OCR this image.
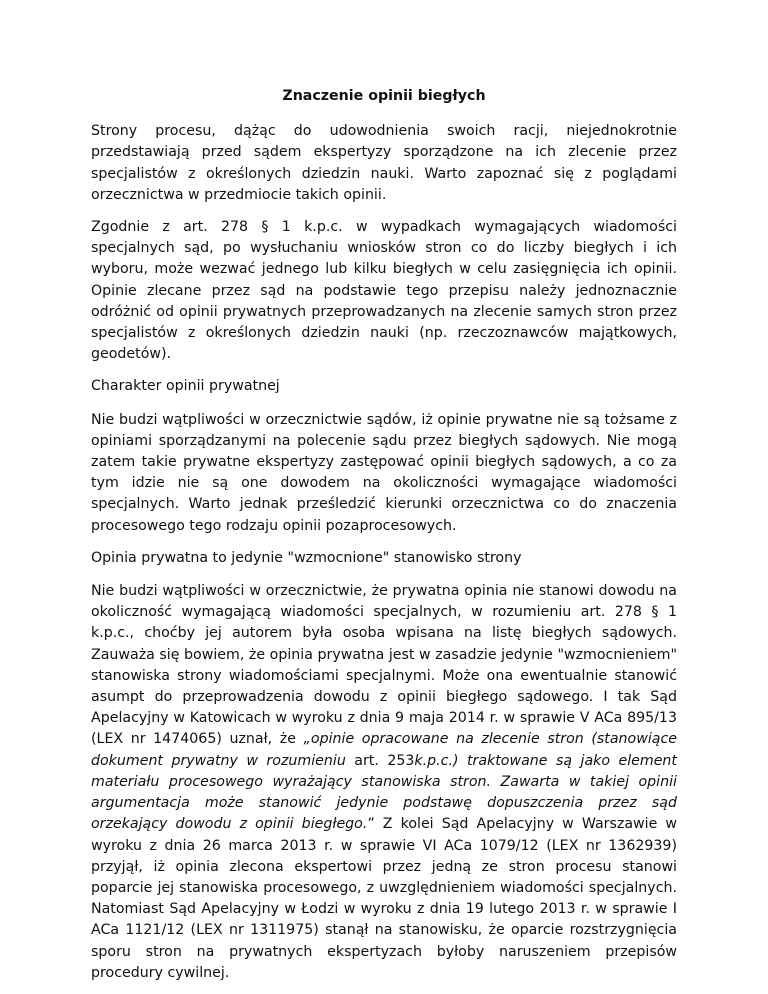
Znaczenie opinii biegłych

Strony procesu, dążąc do udowodnienia swoich racji, niejednokrotnie przedstawiają przed sądem ekspertyzy sporządzone na ich zlecenie przez specjalistów z określonych dziedzin nauki. Warto zapoznać się z poglądami orzecznictwa w przedmiocie takich opinii.

Zgodnie z art. 278 § 1 k.p.c. w wypadkach wymagających wiadomości specjalnych sąd, po wysłuchaniu wniosków stron co do liczby biegłych i ich wyboru, może wezwać jednego lub kilku biegłych w celu zasięgnięcia ich opinii. Opinie zlecane przez sąd na podstawie tego przepisu należy jednoznacznie odróżnić od opinii prywatnych przeprowadzanych na zlecenie samych stron przez specjalistów z określonych dziedzin nauki (np. rzeczoznawców majątkowych, geodetów).

Charakter opinii prywatnej

Nie budzi wątpliwości w orzecznictwie sądów, iż opinie prywatne nie są tożsame z opiniami sporządzanymi na polecenie sądu przez biegłych sądowych. Nie mogą zatem takie prywatne ekspertyzy zastępować opinii biegłych sądowych, a co za tym idzie nie są one dowodem na okoliczności wymagające wiadomości specjalnych. Warto jednak prześledzić kierunki orzecznictwa co do znaczenia procesowego tego rodzaju opinii pozaprocesowych.

Opinia prywatna to jedynie "wzmocnione" stanowisko strony

Nie budzi wątpliwości w orzecznictwie, że prywatna opinia nie stanowi dowodu na okoliczność wymagającą wiadomości specjalnych, w rozumieniu art. 278 § 1 k.p.c., choćby jej autorem była osoba wpisana na listę biegłych sądowych. Zauważa się bowiem, że opinia prywatna jest w zasadzie jedynie "wzmocnieniem" stanowiska strony wiadomościami specjalnymi. Może ona ewentualnie stanowić asumpt do przeprowadzenia dowodu z opinii biegłego sądowego. I tak Sąd Apelacyjny w Katowicach w wyroku z dnia 9 maja 2014 r. w sprawie V ACa 895/13 (LEX nr 1474065) uznał, że „opinie opracowane na zlecenie stron (stanowiące dokument prywatny w rozumieniu art. 253k.p.c.) traktowane są jako element materiału procesowego wyrażający stanowiska stron. Zawarta w takiej opinii argumentacja może stanowić jedynie podstawę dopuszczenia przez sąd orzekający dowodu z opinii biegłego.” Z kolei Sąd Apelacyjny w Warszawie w wyroku z dnia 26 marca 2013 r. w sprawie VI ACa 1079/12 (LEX nr 1362939) przyjął, iż opinia zlecona ekspertowi przez jedną ze stron procesu stanowi poparcie jej stanowiska procesowego, z uwzględnieniem wiadomości specjalnych. Natomiast Sąd Apelacyjny w Łodzi w wyroku z dnia 19 lutego 2013 r. w sprawie I ACa 1121/12 (LEX nr 1311975) stanął na stanowisku, że oparcie rozstrzygnięcia sporu stron na prywatnych ekspertyzach byłoby naruszeniem przepisów procedury cywilnej.
